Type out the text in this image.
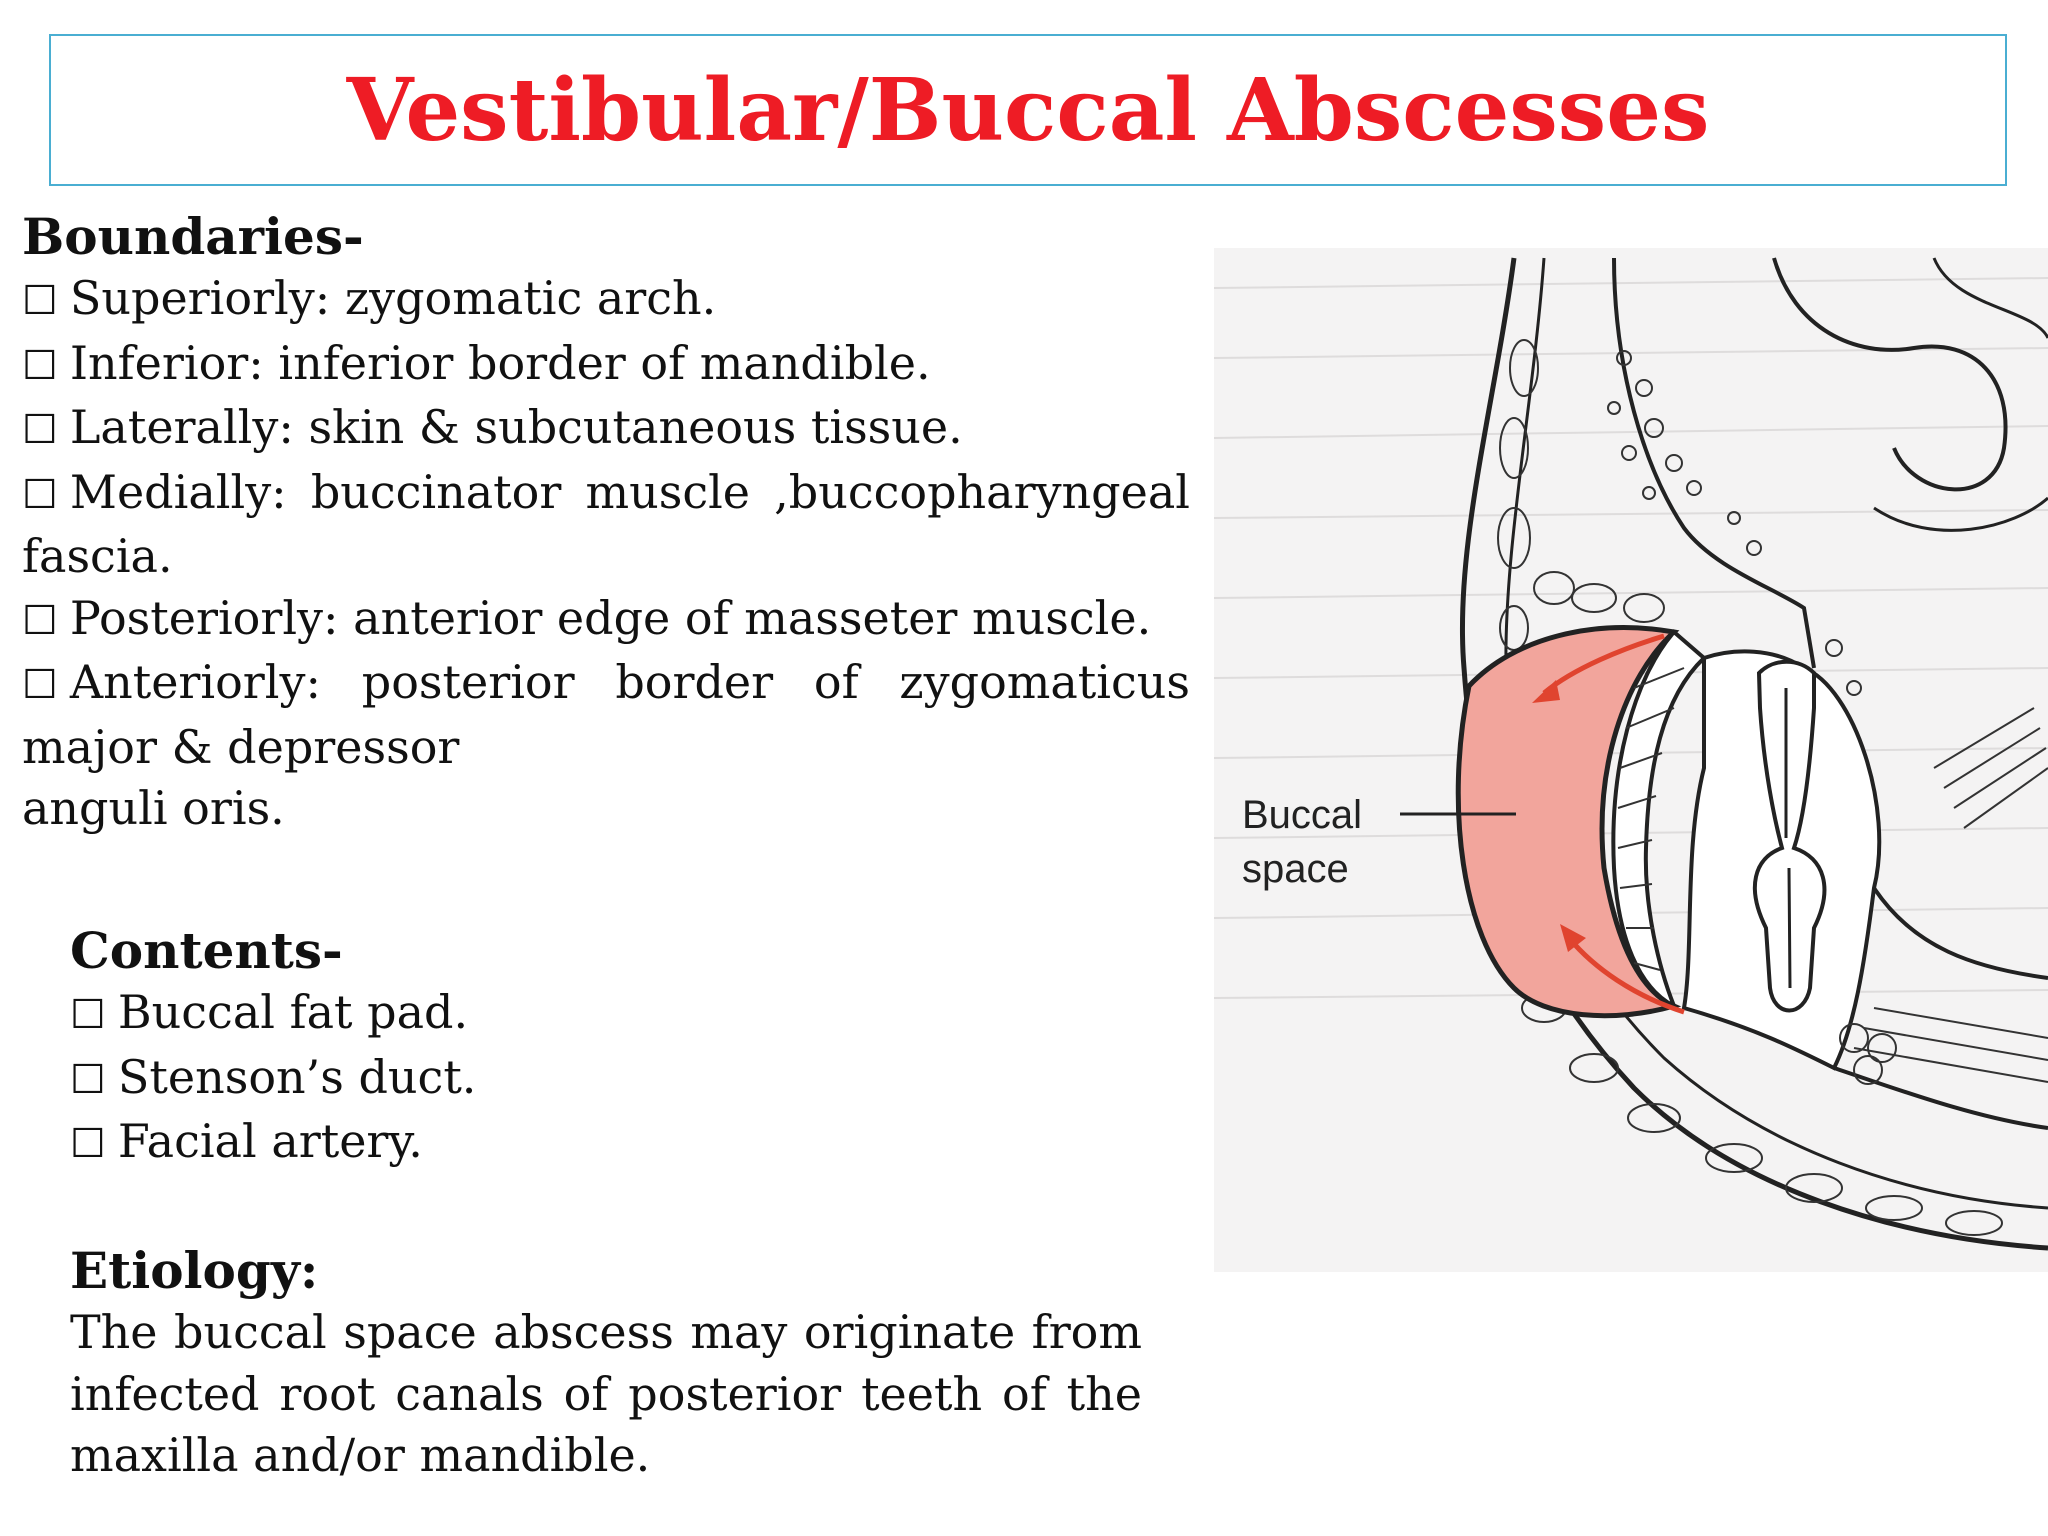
Vestibular/Buccal Abscesses

Boundaries-

☐ Superiorly: zygomatic arch.

☐ Inferior: inferior border of mandible.

☐ Laterally: skin & subcutaneous tissue.

☐ Medially: buccinator muscle ,buccopharyngeal

fascia.

☐ Posteriorly: anterior edge of masseter muscle.

☐ Anteriorly: posterior border of zygomaticus

major & depressor

anguli oris.

Contents-

☐ Buccal fat pad.

☐ Stenson’s duct.

☐ Facial artery.

Etiology:

The buccal space abscess may originate from

infected root canals of posterior teeth of the

maxilla and/or mandible.

Buccal
space
